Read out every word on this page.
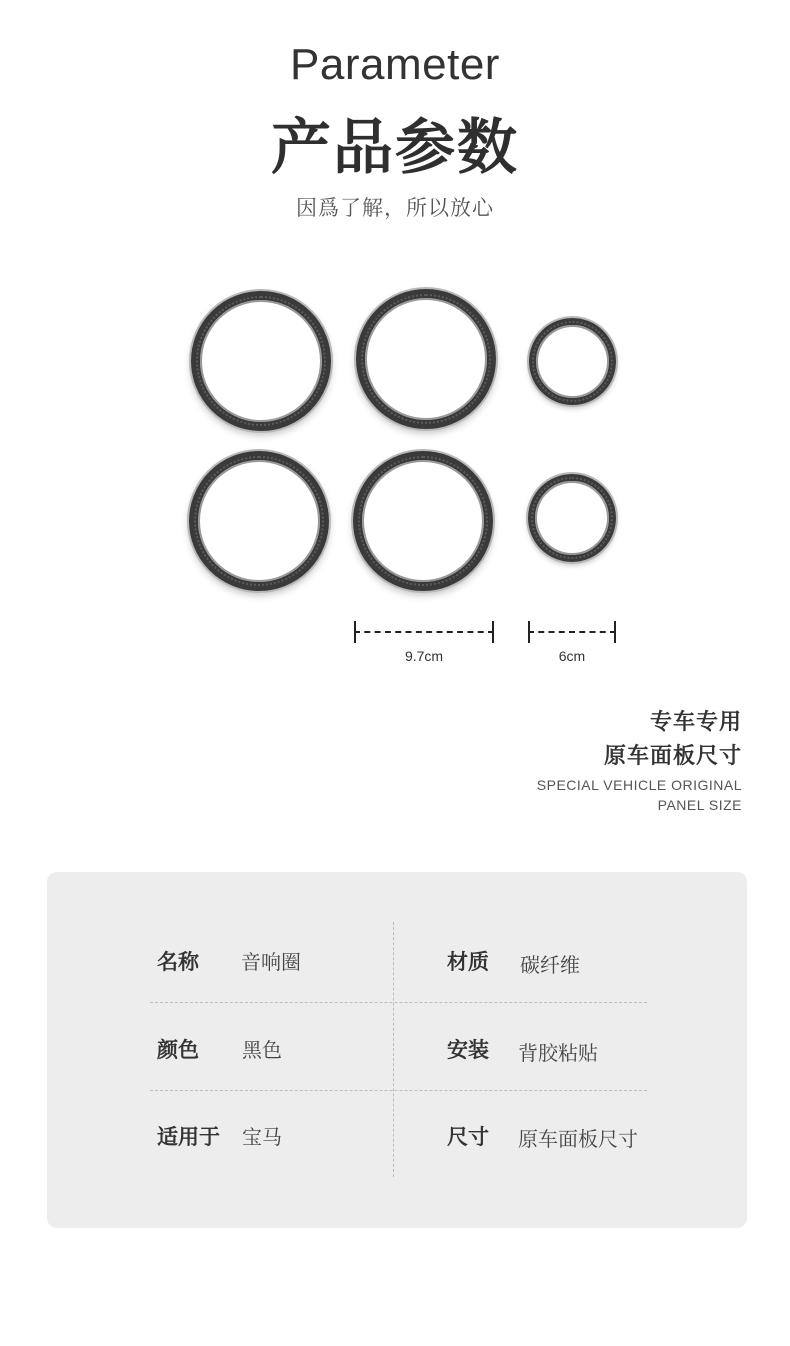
Parameter
产品参数
因爲了解，所以放心
9.7cm	6cm
专车专用
原车面板尺寸
SPECIAL VEHICLE ORIGINAL
PANEL SIZE
名称 音响圈	材质 碳纤维
颜色 黑色	安装 背胶粘贴
适用于 宝马	尺寸 原车面板尺寸
